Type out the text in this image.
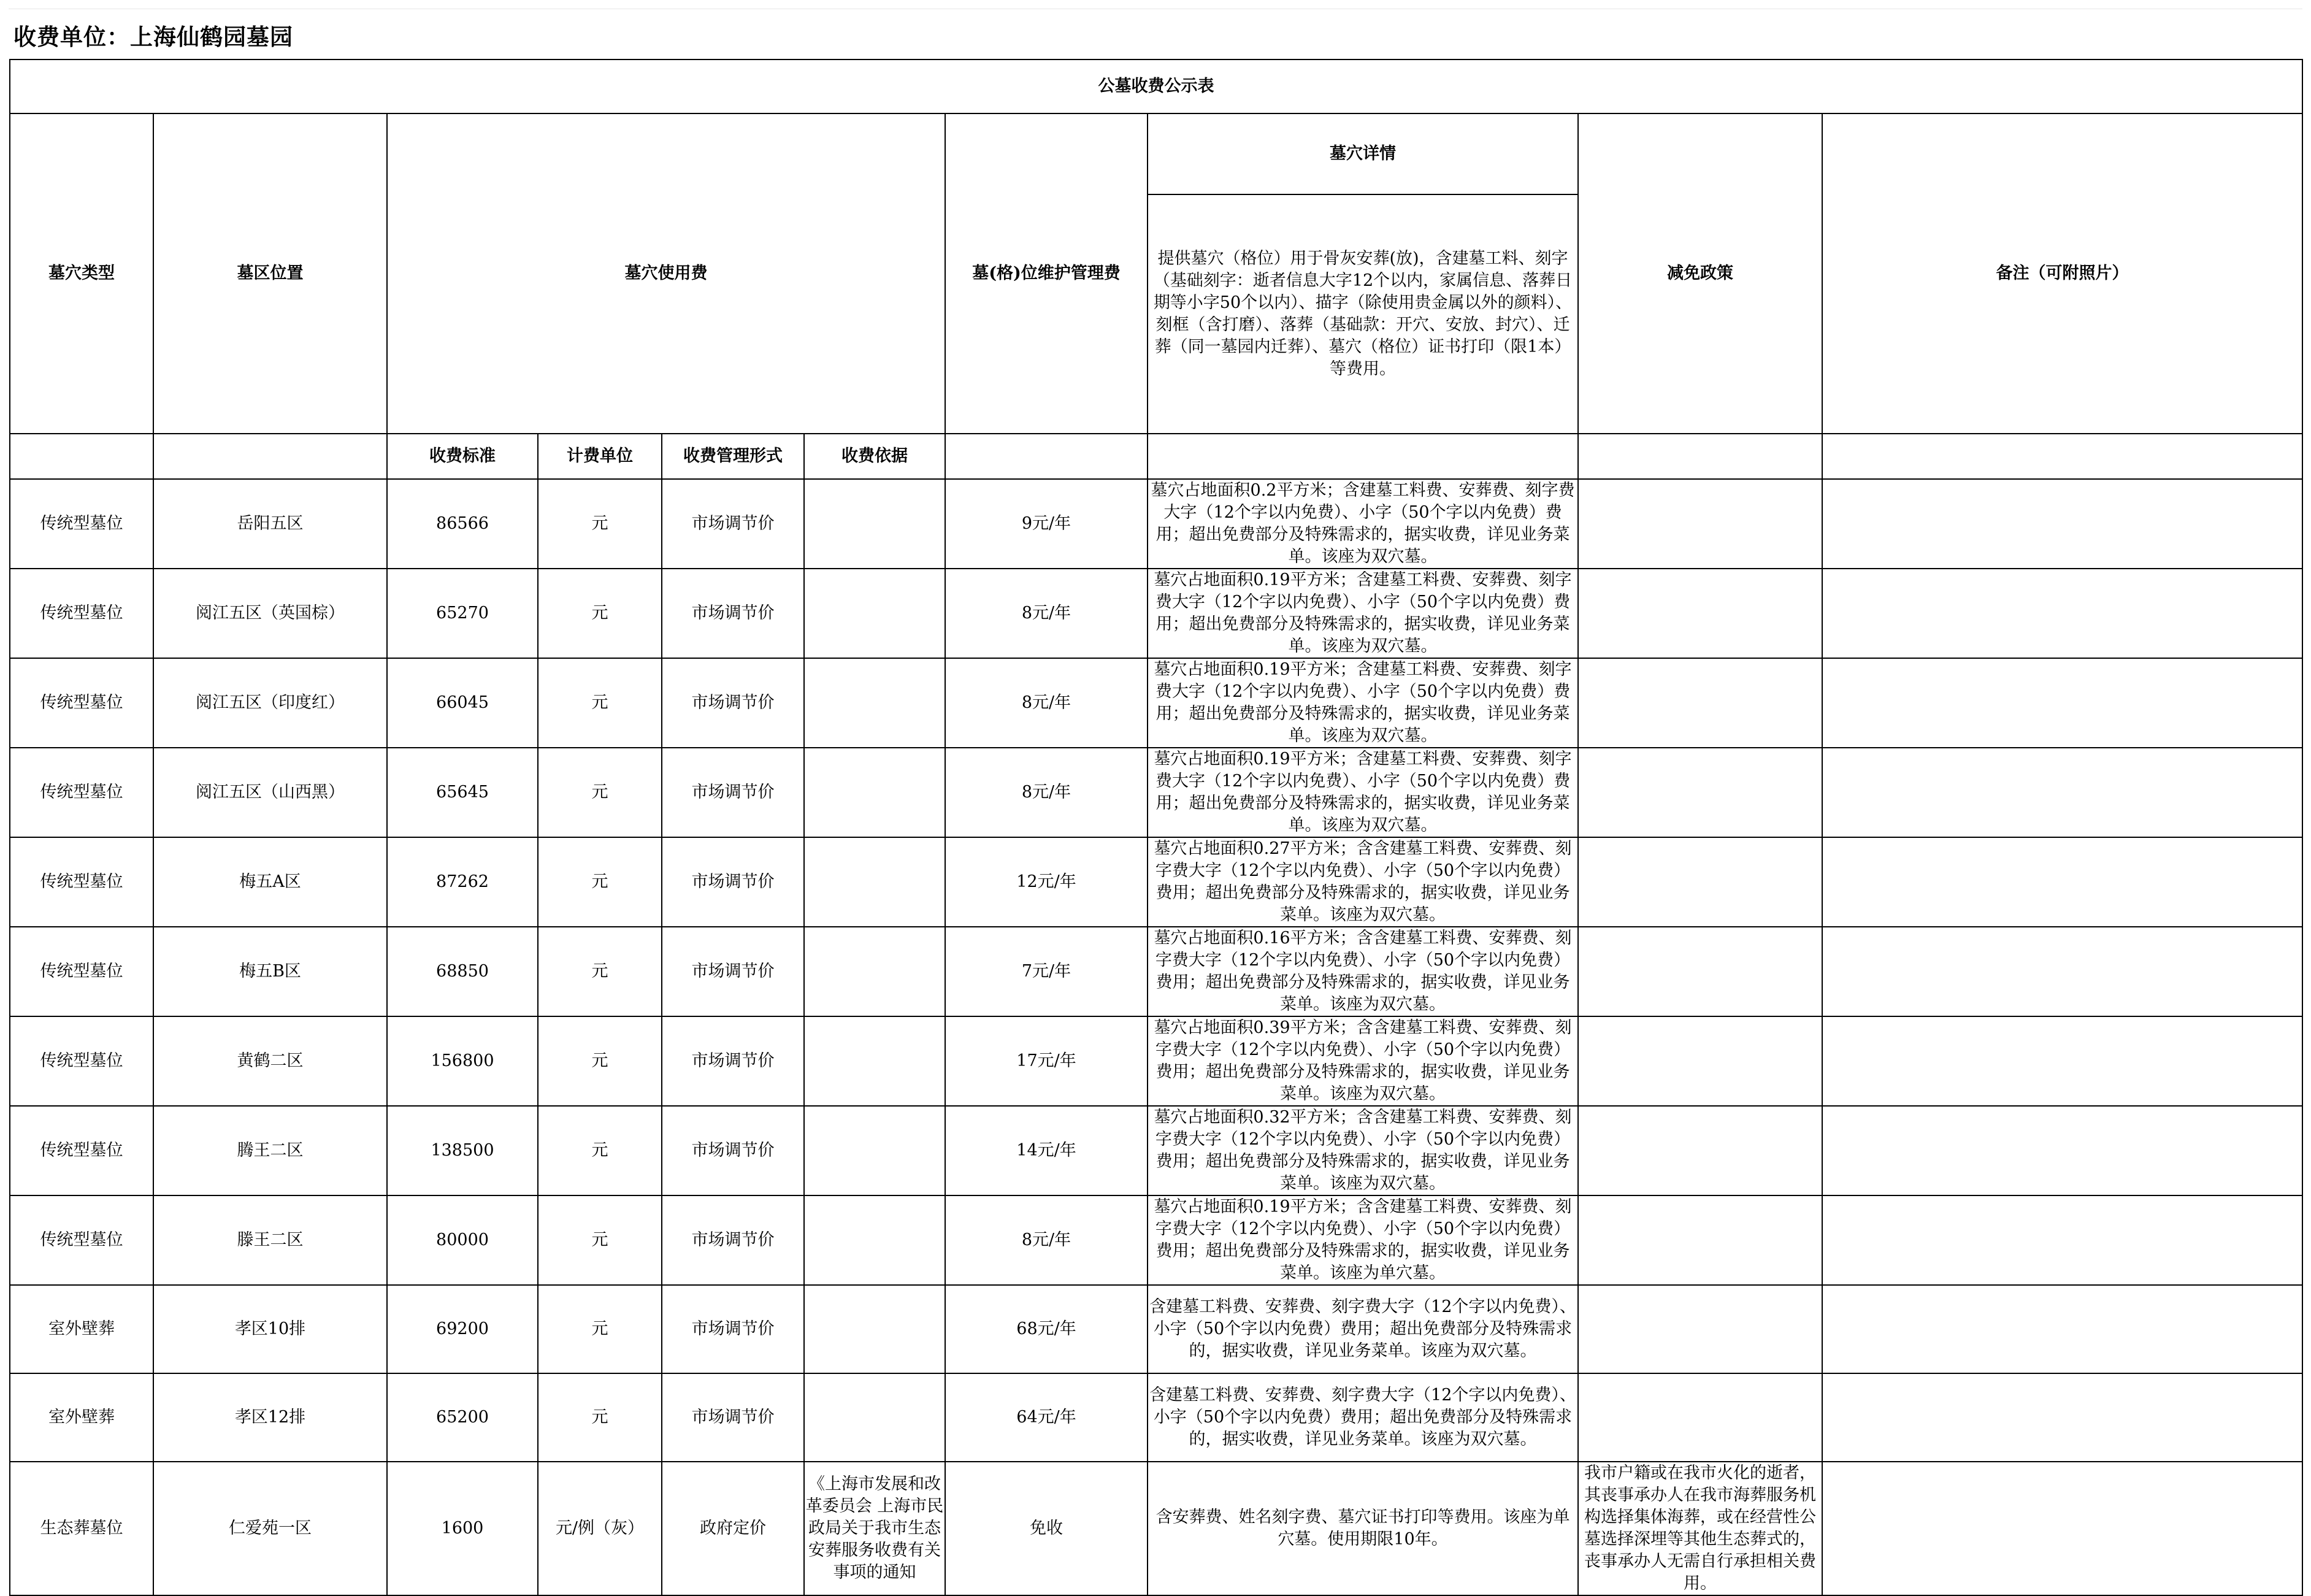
收费单位：上海仙鹤园墓园
公墓收费公示表									
墓穴类型	墓区位置	墓穴使用费				墓(格)位维护管理费	墓穴详情	减免政策	备注（可附照片）
							提供墓穴（格位）用于骨灰安葬(放)，含建墓工料、刻字（基础刻字：逝者信息大字12个以内，家属信息、落葬日期等小字50个以内）、描字（除使用贵金属以外的颜料）、刻框（含打磨）、落葬（基础款：开穴、安放、封穴）、迁葬（同一墓园内迁葬）、墓穴（格位）证书打印（限1本）等费用。		
		收费标准	计费单位	收费管理形式	收费依据				
传统型墓位	岳阳五区	86566	元	市场调节价		9元/年	墓穴占地面积0.2平方米；含建墓工料费、安葬费、刻字费大字（12个字以内免费）、小字（50个字以内免费）费用；超出免费部分及特殊需求的，据实收费，详见业务菜单。该座为双穴墓。		
传统型墓位	阅江五区（英国棕）	65270	元	市场调节价		8元/年	墓穴占地面积0.19平方米；含建墓工料费、安葬费、刻字费大字（12个字以内免费）、小字（50个字以内免费）费用；超出免费部分及特殊需求的，据实收费，详见业务菜单。该座为双穴墓。		
传统型墓位	阅江五区（印度红）	66045	元	市场调节价		8元/年	墓穴占地面积0.19平方米；含建墓工料费、安葬费、刻字费大字（12个字以内免费）、小字（50个字以内免费）费用；超出免费部分及特殊需求的，据实收费，详见业务菜单。该座为双穴墓。		
传统型墓位	阅江五区（山西黑）	65645	元	市场调节价		8元/年	墓穴占地面积0.19平方米；含建墓工料费、安葬费、刻字费大字（12个字以内免费）、小字（50个字以内免费）费用；超出免费部分及特殊需求的，据实收费，详见业务菜单。该座为双穴墓。		
传统型墓位	梅五A区	87262	元	市场调节价		12元/年	墓穴占地面积0.27平方米；含含建墓工料费、安葬费、刻字费大字（12个字以内免费）、小字（50个字以内免费）费用；超出免费部分及特殊需求的，据实收费，详见业务菜单。该座为双穴墓。		
传统型墓位	梅五B区	68850	元	市场调节价		7元/年	墓穴占地面积0.16平方米；含含建墓工料费、安葬费、刻字费大字（12个字以内免费）、小字（50个字以内免费）费用；超出免费部分及特殊需求的，据实收费，详见业务菜单。该座为双穴墓。		
传统型墓位	黄鹤二区	156800	元	市场调节价		17元/年	墓穴占地面积0.39平方米；含含建墓工料费、安葬费、刻字费大字（12个字以内免费）、小字（50个字以内免费）费用；超出免费部分及特殊需求的，据实收费，详见业务菜单。该座为双穴墓。		
传统型墓位	腾王二区	138500	元	市场调节价		14元/年	墓穴占地面积0.32平方米；含含建墓工料费、安葬费、刻字费大字（12个字以内免费）、小字（50个字以内免费）费用；超出免费部分及特殊需求的，据实收费，详见业务菜单。该座为双穴墓。		
传统型墓位	滕王二区	80000	元	市场调节价		8元/年	墓穴占地面积0.19平方米；含含建墓工料费、安葬费、刻字费大字（12个字以内免费）、小字（50个字以内免费）费用；超出免费部分及特殊需求的，据实收费，详见业务菜单。该座为单穴墓。		
室外壁葬	孝区10排	69200	元	市场调节价		68元/年	含建墓工料费、安葬费、刻字费大字（12个字以内免费）、小字（50个字以内免费）费用；超出免费部分及特殊需求的，据实收费，详见业务菜单。该座为双穴墓。		
室外壁葬	孝区12排	65200	元	市场调节价		64元/年	含建墓工料费、安葬费、刻字费大字（12个字以内免费）、小字（50个字以内免费）费用；超出免费部分及特殊需求的，据实收费，详见业务菜单。该座为双穴墓。		
生态葬墓位	仁爱苑一区	1600	元/例（灰）	政府定价	《上海市发展和改革委员会 上海市民政局关于我市生态安葬服务收费有关事项的通知	免收	含安葬费、姓名刻字费、墓穴证书打印等费用。该座为单穴墓。使用期限10年。	我市户籍或在我市火化的逝者，其丧事承办人在我市海葬服务机构选择集体海葬，或在经营性公墓选择深埋等其他生态葬式的，丧事承办人无需自行承担相关费用。	
